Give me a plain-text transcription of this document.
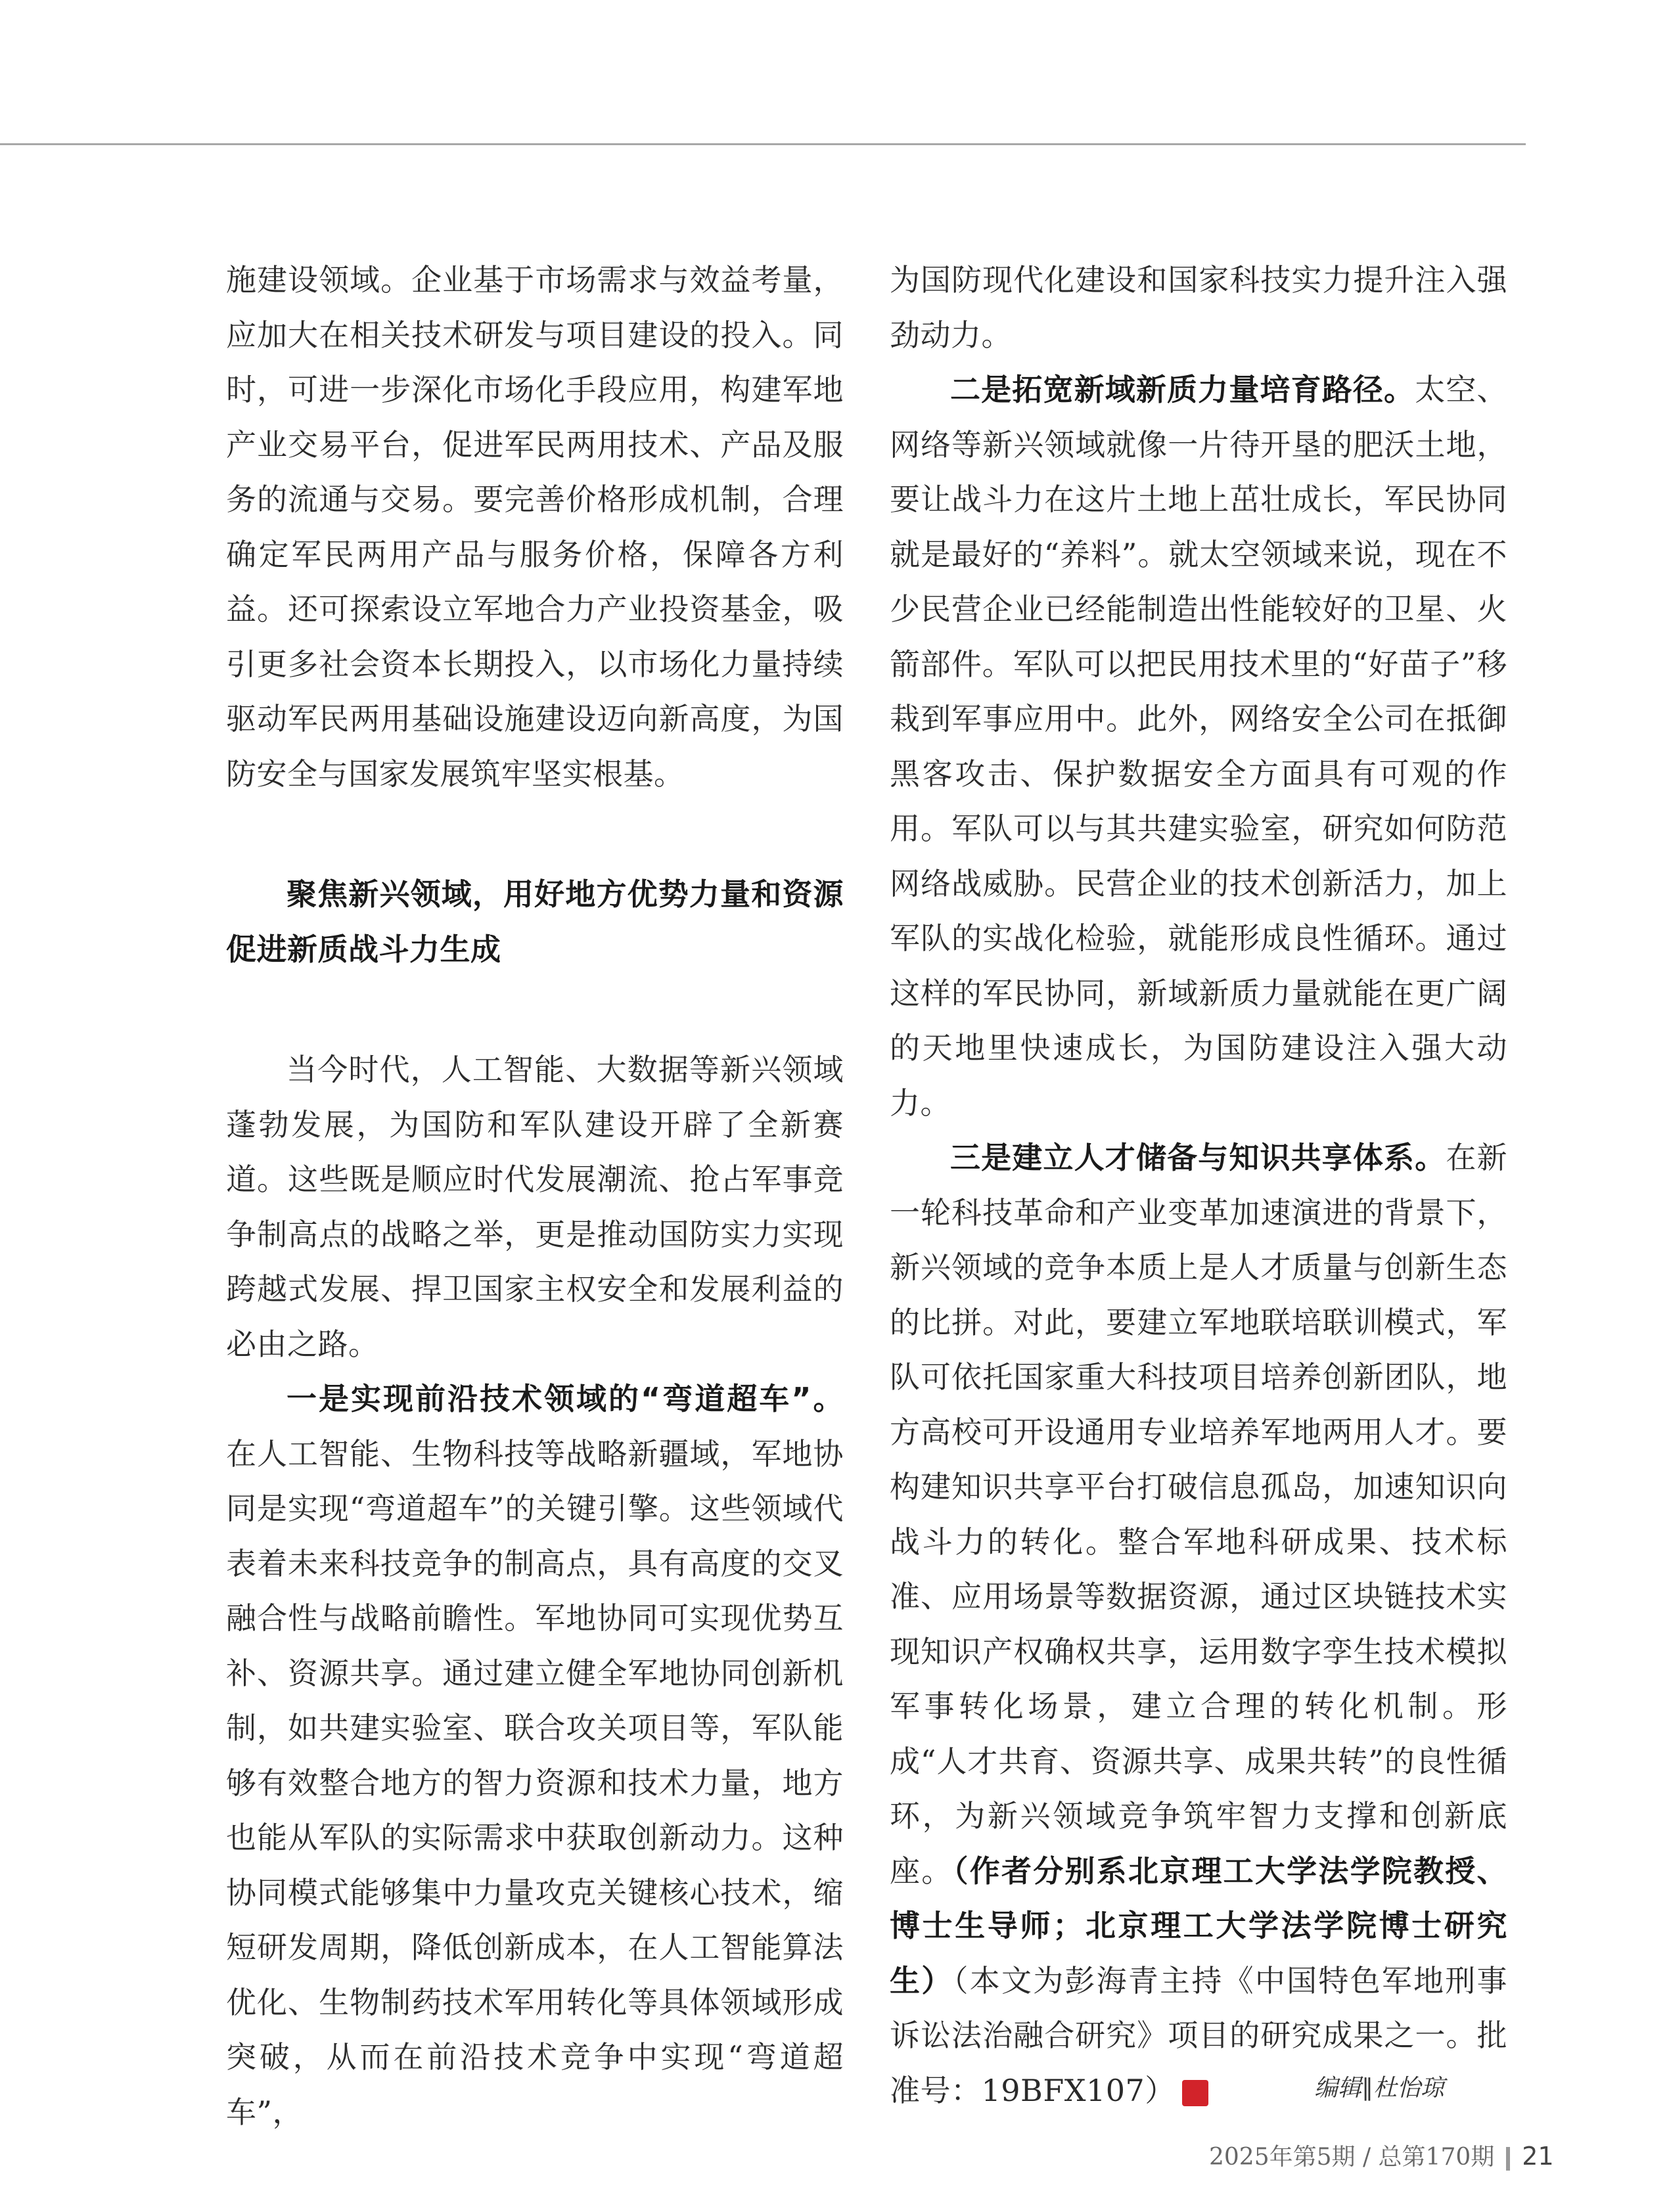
施建设领域。企业基于市场需求与效益考量，应加大在相关技术研发与项目建设的投入。同时，可进一步深化市场化手段应用，构建军地产业交易平台，促进军民两用技术、产品及服务的流通与交易。要完善价格形成机制，合理确定军民两用产品与服务价格，保障各方利益。还可探索设立军地合力产业投资基金，吸引更多社会资本长期投入，以市场化力量持续驱动军民两用基础设施建设迈向新高度，为国防安全与国家发展筑牢坚实根基。

聚焦新兴领域，用好地方优势力量和资源促进新质战斗力生成

当今时代，人工智能、大数据等新兴领域蓬勃发展，为国防和军队建设开辟了全新赛道。这些既是顺应时代发展潮流、抢占军事竞争制高点的战略之举，更是推动国防实力实现跨越式发展、捍卫国家主权安全和发展利益的必由之路。

一是实现前沿技术领域的“弯道超车”。在人工智能、生物科技等战略新疆域，军地协同是实现“弯道超车”的关键引擎。这些领域代表着未来科技竞争的制高点，具有高度的交叉融合性与战略前瞻性。军地协同可实现优势互补、资源共享。通过建立健全军地协同创新机制，如共建实验室、联合攻关项目等，军队能够有效整合地方的智力资源和技术力量，地方也能从军队的实际需求中获取创新动力。这种协同模式能够集中力量攻克关键核心技术，缩短研发周期，降低创新成本，在人工智能算法优化、生物制药技术军用转化等具体领域形成突破，从而在前沿技术竞争中实现“弯道超车”，

为国防现代化建设和国家科技实力提升注入强劲动力。

二是拓宽新域新质力量培育路径。太空、网络等新兴领域就像一片待开垦的肥沃土地，要让战斗力在这片土地上茁壮成长，军民协同就是最好的“养料”。就太空领域来说，现在不少民营企业已经能制造出性能较好的卫星、火箭部件。军队可以把民用技术里的“好苗子”移栽到军事应用中。此外，网络安全公司在抵御黑客攻击、保护数据安全方面具有可观的作用。军队可以与其共建实验室，研究如何防范网络战威胁。民营企业的技术创新活力，加上军队的实战化检验，就能形成良性循环。通过这样的军民协同，新域新质力量就能在更广阔的天地里快速成长，为国防建设注入强大动力。

三是建立人才储备与知识共享体系。在新一轮科技革命和产业变革加速演进的背景下，新兴领域的竞争本质上是人才质量与创新生态的比拼。对此，要建立军地联培联训模式，军队可依托国家重大科技项目培养创新团队，地方高校可开设通用专业培养军地两用人才。要构建知识共享平台打破信息孤岛，加速知识向战斗力的转化。整合军地科研成果、技术标准、应用场景等数据资源，通过区块链技术实现知识产权确权共享，运用数字孪生技术模拟军事转化场景，建立合理的转化机制。形成“人才共育、资源共享、成果共转”的良性循环，为新兴领域竞争筑牢智力支撑和创新底座。（作者分别系北京理工大学法学院教授、博士生导师；北京理工大学法学院博士研究生）（本文为彭海青主持《中国特色军地刑事诉讼法治融合研究》项目的研究成果之一。批准号：19BFX107）	G	编辑∥杜怡琼
2025年第5期 / 总第170期 21
